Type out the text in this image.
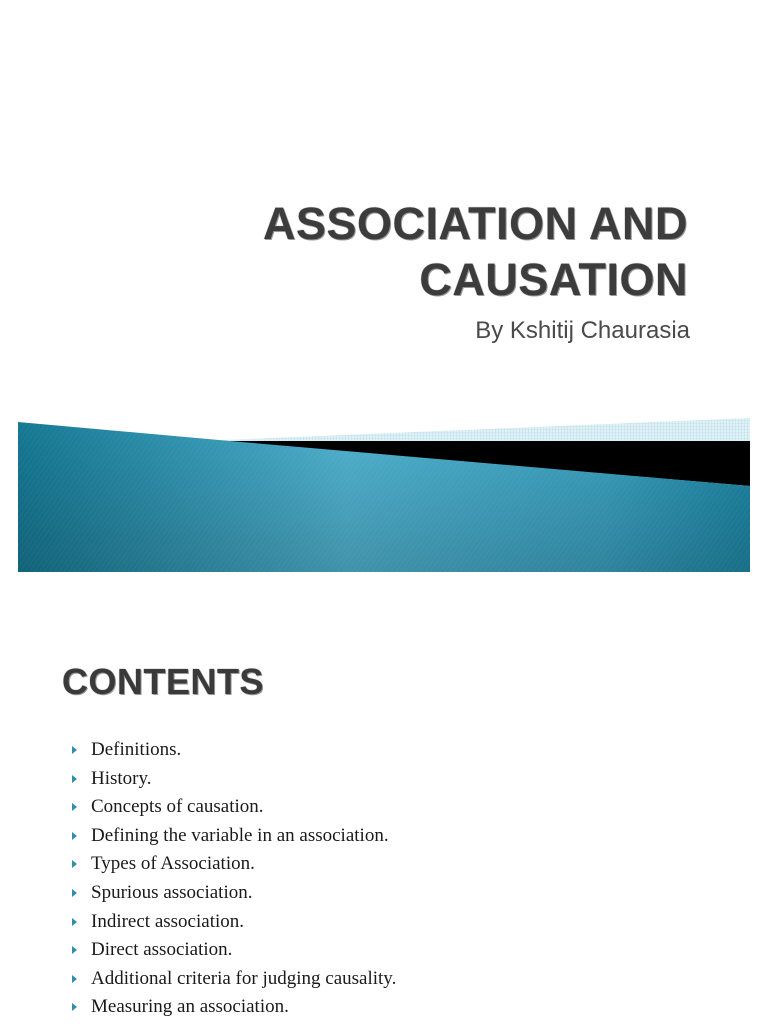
ASSOCIATION AND
CAUSATION

By Kshitij Chaurasia

CONTENTS
Definitions.
History.
Concepts of causation.
Defining the variable in an association.
Types of Association.
Spurious association.
Indirect association.
Direct association.
Additional criteria for judging causality.
Measuring an association.
